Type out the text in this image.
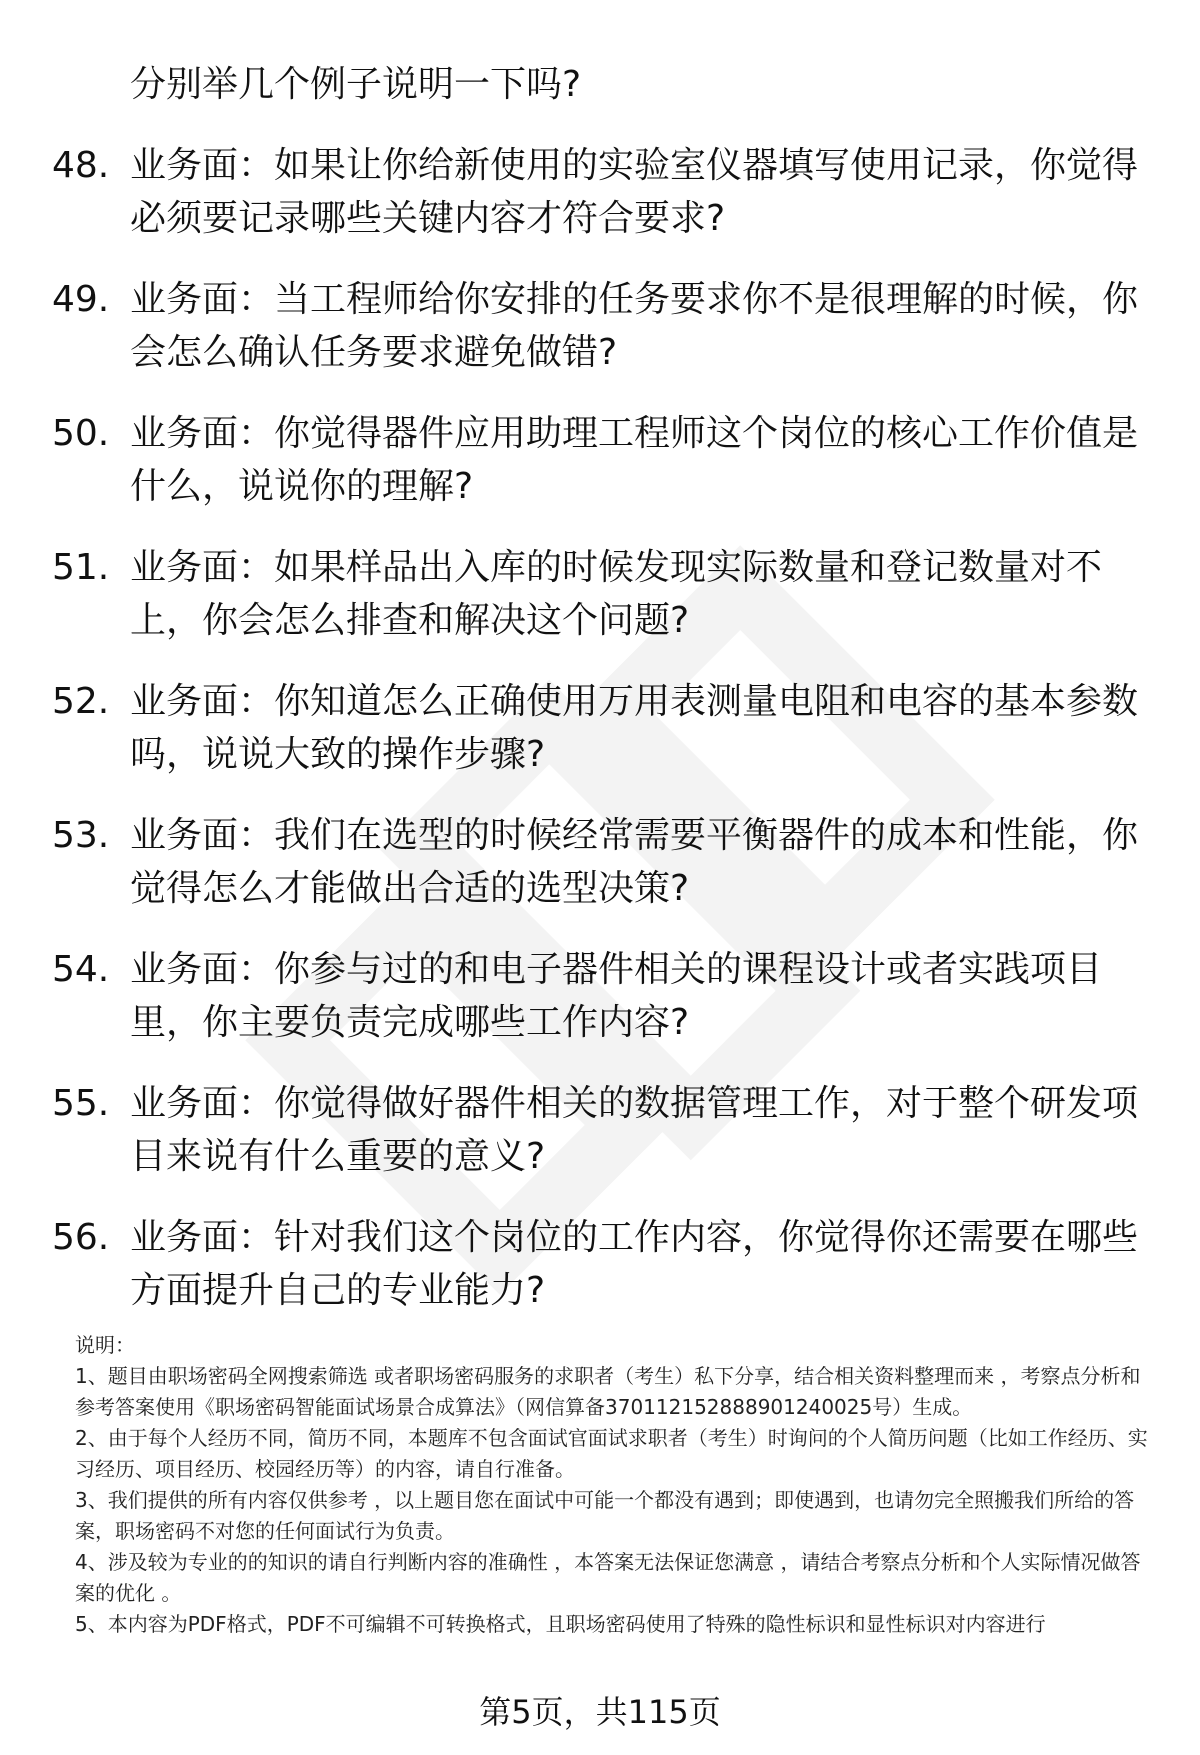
分别举几个例子说明一下吗?
48. 业务面：如果让你给新使用的实验室仪器填写使用记录，你觉得必须要记录哪些关键内容才符合要求?
49. 业务面：当工程师给你安排的任务要求你不是很理解的时候，你会怎么确认任务要求避免做错?
50. 业务面：你觉得器件应用助理工程师这个岗位的核心工作价值是什么，说说你的理解?
51. 业务面：如果样品出入库的时候发现实际数量和登记数量对不上，你会怎么排查和解决这个问题?
52. 业务面：你知道怎么正确使用万用表测量电阻和电容的基本参数吗，说说大致的操作步骤?
53. 业务面：我们在选型的时候经常需要平衡器件的成本和性能，你觉得怎么才能做出合适的选型决策?
54. 业务面：你参与过的和电子器件相关的课程设计或者实践项目里，你主要负责完成哪些工作内容?
55. 业务面：你觉得做好器件相关的数据管理工作，对于整个研发项目来说有什么重要的意义?
56. 业务面：针对我们这个岗位的工作内容，你觉得你还需要在哪些方面提升自己的专业能力?

说明：

1、题目由职场密码全网搜索筛选 或者职场密码服务的求职者（考生）私下分享，结合相关资料整理而来 ，考察点分析和参考答案使用《职场密码智能面试场景合成算法》（网信算备370112152888901240025号）生成。

2、由于每个人经历不同，简历不同，本题库不包含面试官面试求职者（考生）时询问的个人简历问题（比如工作经历、实习经历、项目经历、校园经历等）的内容，请自行准备。

3、我们提供的所有内容仅供参考 ，以上题目您在面试中可能一个都没有遇到；即使遇到，也请勿完全照搬我们所给的答案，职场密码不对您的任何面试行为负责。

4、涉及较为专业的的知识的请自行判断内容的准确性 ，本答案无法保证您满意 ，请结合考察点分析和个人实际情况做答案的优化 。

5、本内容为PDF格式，PDF不可编辑不可转换格式，且职场密码使用了特殊的隐性标识和显性标识对内容进行

第5页，共115页
